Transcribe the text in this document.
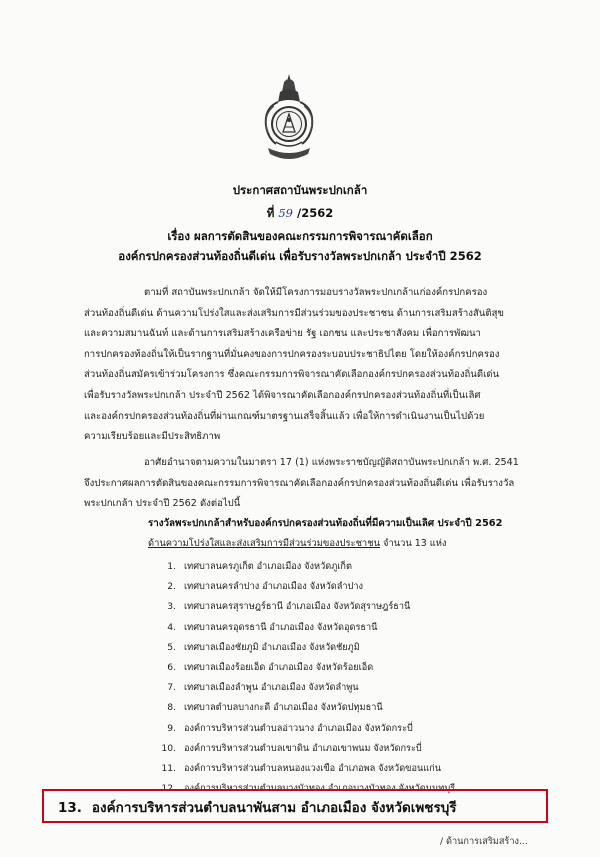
ประกาศสถาบันพระปกเกล้า
ที่ 59 /2562
เรื่อง ผลการตัดสินของคณะกรรมการพิจารณาคัดเลือก
องค์กรปกครองส่วนท้องถิ่นดีเด่น เพื่อรับรางวัลพระปกเกล้า ประจำปี 2562
ตามที่ สถาบันพระปกเกล้า จัดให้มีโครงการมอบรางวัลพระปกเกล้าแก่องค์กรปกครอง
ส่วนท้องถิ่นดีเด่น ด้านความโปร่งใสและส่งเสริมการมีส่วนร่วมของประชาชน ด้านการเสริมสร้างสันติสุข
และความสมานฉันท์ และด้านการเสริมสร้างเครือข่าย รัฐ เอกชน และประชาสังคม เพื่อการพัฒนา
การปกครองท้องถิ่นให้เป็นรากฐานที่มั่นคงของการปกครองระบอบประชาธิปไตย โดยให้องค์กรปกครอง
ส่วนท้องถิ่นสมัครเข้าร่วมโครงการ ซึ่งคณะกรรมการพิจารณาคัดเลือกองค์กรปกครองส่วนท้องถิ่นดีเด่น
เพื่อรับรางวัลพระปกเกล้า ประจำปี 2562 ได้พิจารณาคัดเลือกองค์กรปกครองส่วนท้องถิ่นที่เป็นเลิศ
และองค์กรปกครองส่วนท้องถิ่นที่ผ่านเกณฑ์มาตรฐานเสร็จสิ้นแล้ว เพื่อให้การดำเนินงานเป็นไปด้วย
ความเรียบร้อยและมีประสิทธิภาพ
อาศัยอำนาจตามความในมาตรา 17 (1) แห่งพระราชบัญญัติสถาบันพระปกเกล้า พ.ศ. 2541
จึงประกาศผลการตัดสินของคณะกรรมการพิจารณาคัดเลือกองค์กรปกครองส่วนท้องถิ่นดีเด่น เพื่อรับรางวัล
พระปกเกล้า ประจำปี 2562 ดังต่อไปนี้
รางวัลพระปกเกล้าสำหรับองค์กรปกครองส่วนท้องถิ่นที่มีความเป็นเลิศ ประจำปี 2562
ด้านความโปร่งใสและส่งเสริมการมีส่วนร่วมของประชาชน จำนวน 13 แห่ง
1. เทศบาลนครภูเก็ต อำเภอเมือง จังหวัดภูเก็ต
2. เทศบาลนครลำปาง อำเภอเมือง จังหวัดลำปาง
3. เทศบาลนครสุราษฎร์ธานี อำเภอเมือง จังหวัดสุราษฎร์ธานี
4. เทศบาลนครอุดรธานี อำเภอเมือง จังหวัดอุดรธานี
5. เทศบาลเมืองชัยภูมิ อำเภอเมือง จังหวัดชัยภูมิ
6. เทศบาลเมืองร้อยเอ็ด อำเภอเมือง จังหวัดร้อยเอ็ด
7. เทศบาลเมืองลำพูน อำเภอเมือง จังหวัดลำพูน
8. เทศบาลตำบลบางกะดี อำเภอเมือง จังหวัดปทุมธานี
9. องค์การบริหารส่วนตำบลอ่าวนาง อำเภอเมือง จังหวัดกระบี่
10. องค์การบริหารส่วนตำบลเขาดิน อำเภอเขาพนม จังหวัดกระบี่
11. องค์การบริหารส่วนตำบลหนองแวงเขือ อำเภอพล จังหวัดขอนแก่น
12. องค์การบริหารส่วนตำบลบางบัวทอง อำเภอบางบัวทอง จังหวัดนนทบุรี
13. องค์การบริหารส่วนตำบลนาพันสาม อำเภอเมือง จังหวัดเพชรบุรี
/ ด้านการเสริมสร้าง...
